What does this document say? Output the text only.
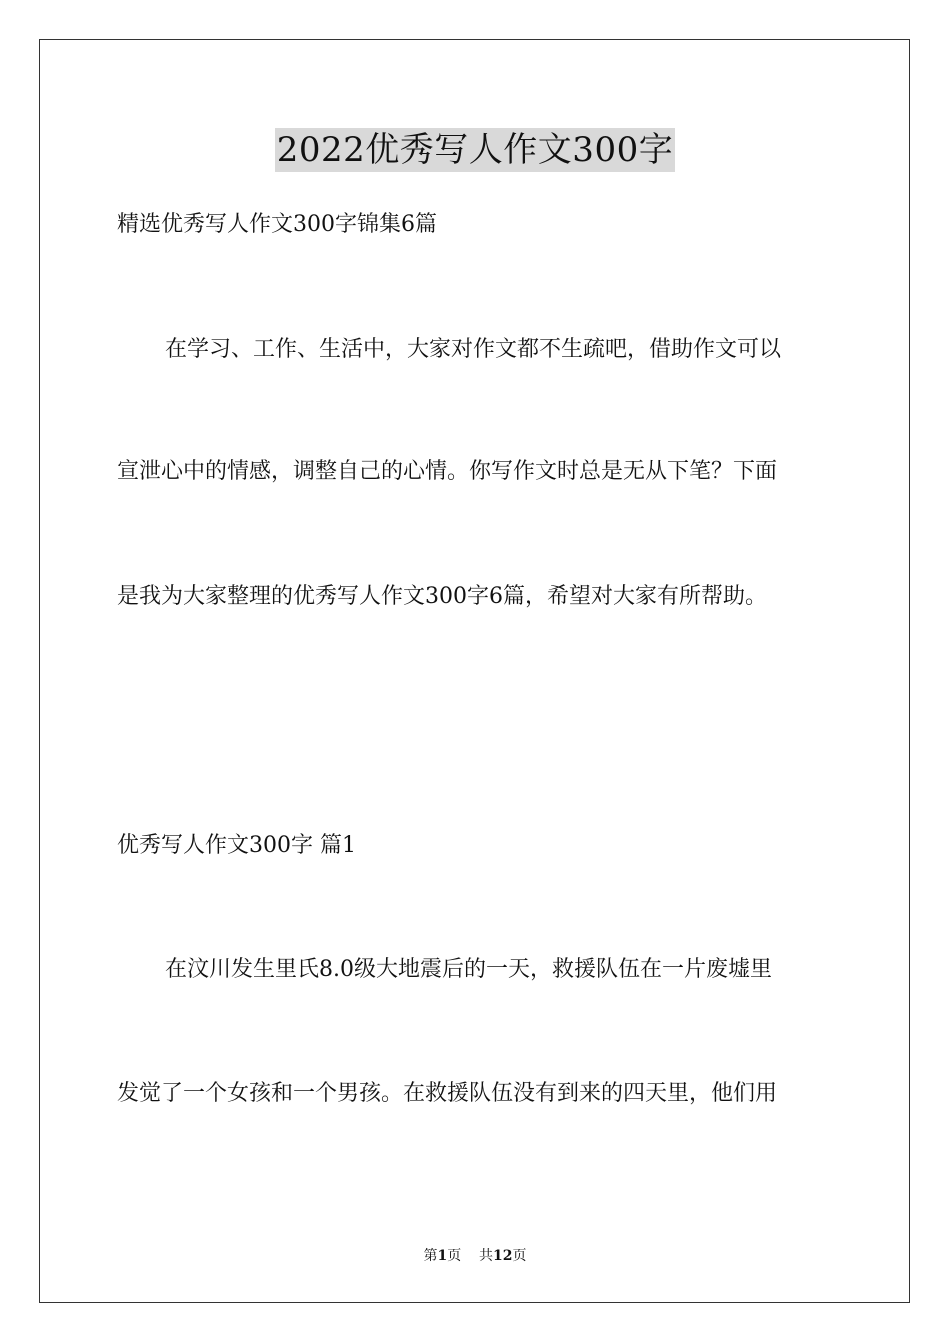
2022优秀写人作文300字
精选优秀写人作文300字锦集6篇
在学习、工作、生活中，大家对作文都不生疏吧，借助作文可以
宣泄心中的情感，调整自己的心情。你写作文时总是无从下笔？下面
是我为大家整理的优秀写人作文300字6篇，希望对大家有所帮助。
优秀写人作文300字 篇1
在汶川发生里氏8.0级大地震后的一天，救援队伍在一片废墟里
发觉了一个女孩和一个男孩。在救援队伍没有到来的四天里，他们用
第1页 共12页
